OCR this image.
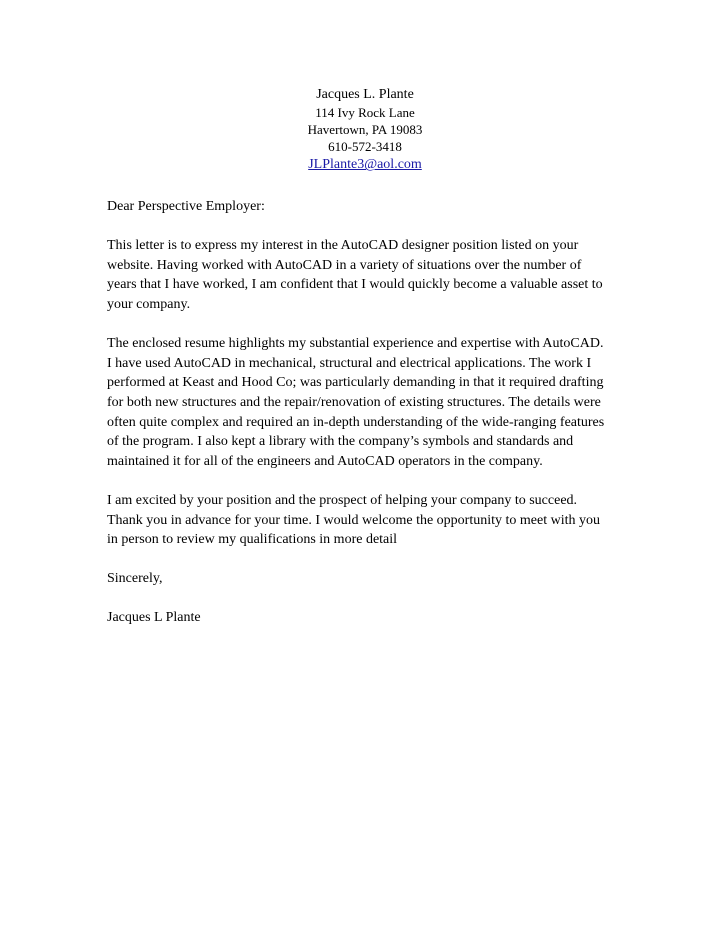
Jacques L. Plante
114 Ivy Rock Lane
Havertown, PA 19083
610-572-3418
JLPlante3@aol.com

Dear Perspective Employer:

This letter is to express my interest in the AutoCAD designer position listed on your
website. Having worked with AutoCAD in a variety of situations over the number of
years that I have worked, I am confident that I would quickly become a valuable asset to
your company.

The enclosed resume highlights my substantial experience and expertise with AutoCAD.
I have used AutoCAD in mechanical, structural and electrical applications. The work I
performed at Keast and Hood Co; was particularly demanding in that it required drafting
for both new structures and the repair/renovation of existing structures. The details were
often quite complex and required an in-depth understanding of the wide-ranging features
of the program. I also kept a library with the company’s symbols and standards and
maintained it for all of the engineers and AutoCAD operators in the company.

I am excited by your position and the prospect of helping your company to succeed.
Thank you in advance for your time. I would welcome the opportunity to meet with you
in person to review my qualifications in more detail

Sincerely,

Jacques L Plante
